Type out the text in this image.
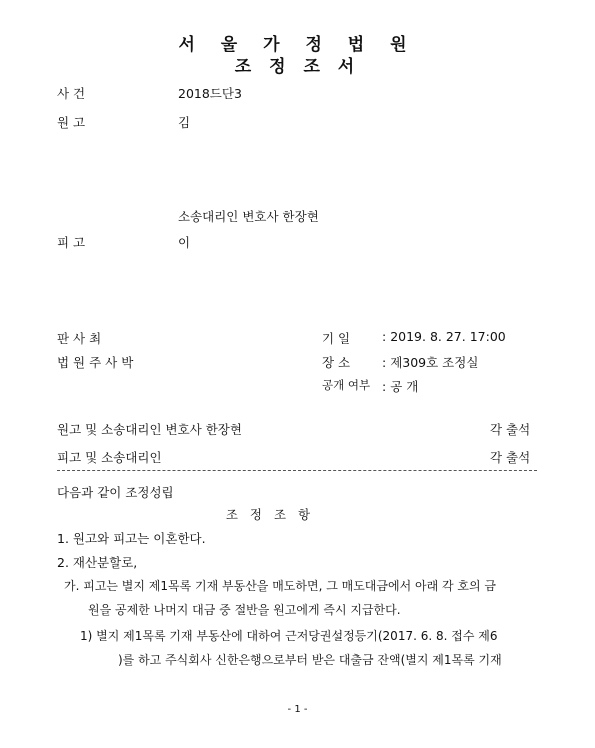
서 울 가 정 법 원
조 정 조 서
사 건	2018드단3
원 고	김
소송대리인 변호사 한장현
피 고	이
판 사 최
법 원 주 사 박
기 일	: 2019. 8. 27. 17:00
장 소	: 제309호 조정실
공개 여부 : 공 개
원고 및 소송대리인 변호사 한장현	각 출석
피고 및 소송대리인	각 출석
다음과 같이 조정성립
조 정 조 항
1. 원고와 피고는 이혼한다.
2. 재산분할로,
가. 피고는 별지 제1목록 기재 부동산을 매도하면, 그 매도대금에서 아래 각 호의 금
원을 공제한 나머지 대금 중 절반을 원고에게 즉시 지급한다.
1) 별지 제1목록 기재 부동산에 대하여 근저당권설정등기(2017. 6. 8. 접수 제6
)를 하고 주식회사 신한은행으로부터 받은 대출금 잔액(별지 제1목록 기재
- 1 -
